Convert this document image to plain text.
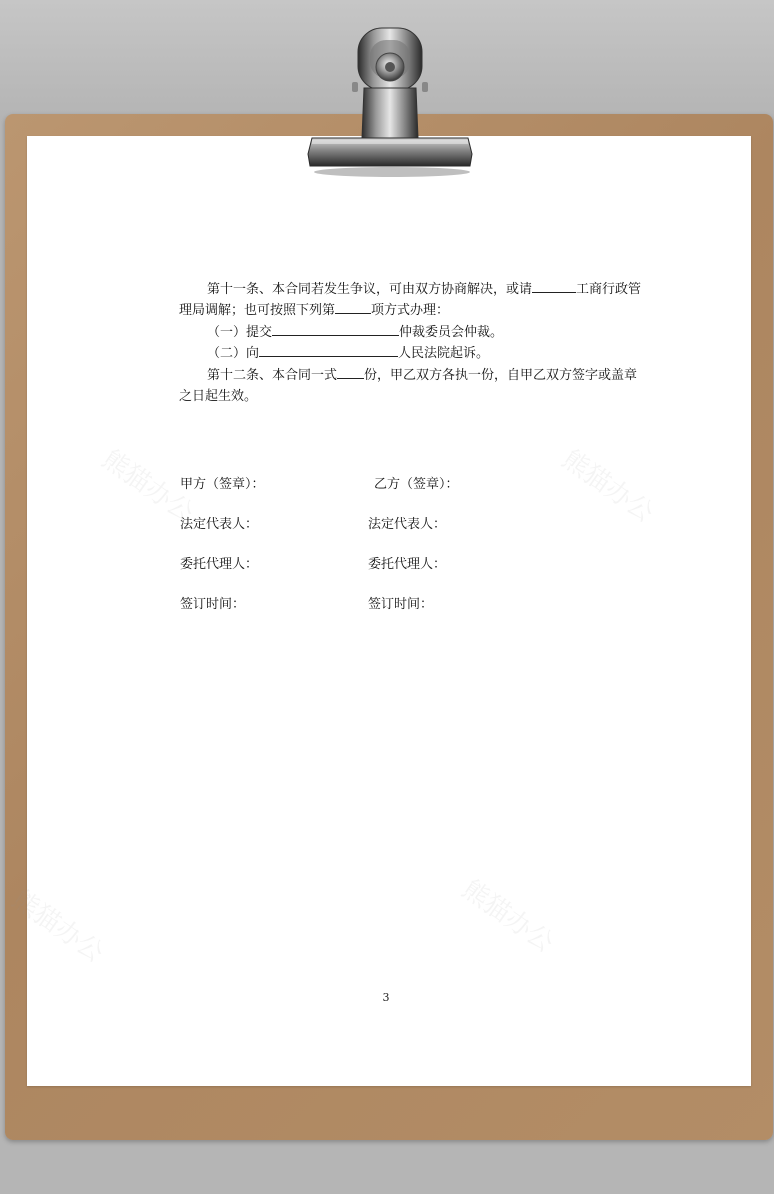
第十一条、本合同若发生争议，可由双方协商解决，或请	工商行政管
理局调解；也可按照下列第	项方式办理：
（一）提交	仲裁委员会仲裁。
（二）向	人民法院起诉。
第十二条、本合同一式 份，甲乙双方各执一份，自甲乙双方签字或盖章
之日起生效。
甲方（签章）：	乙方（签章）：
法定代表人：	法定代表人：
委托代理人：	委托代理人：
签订时间：	签订时间：
3
熊猫办公	熊猫办公
熊猫办公	熊猫办公
